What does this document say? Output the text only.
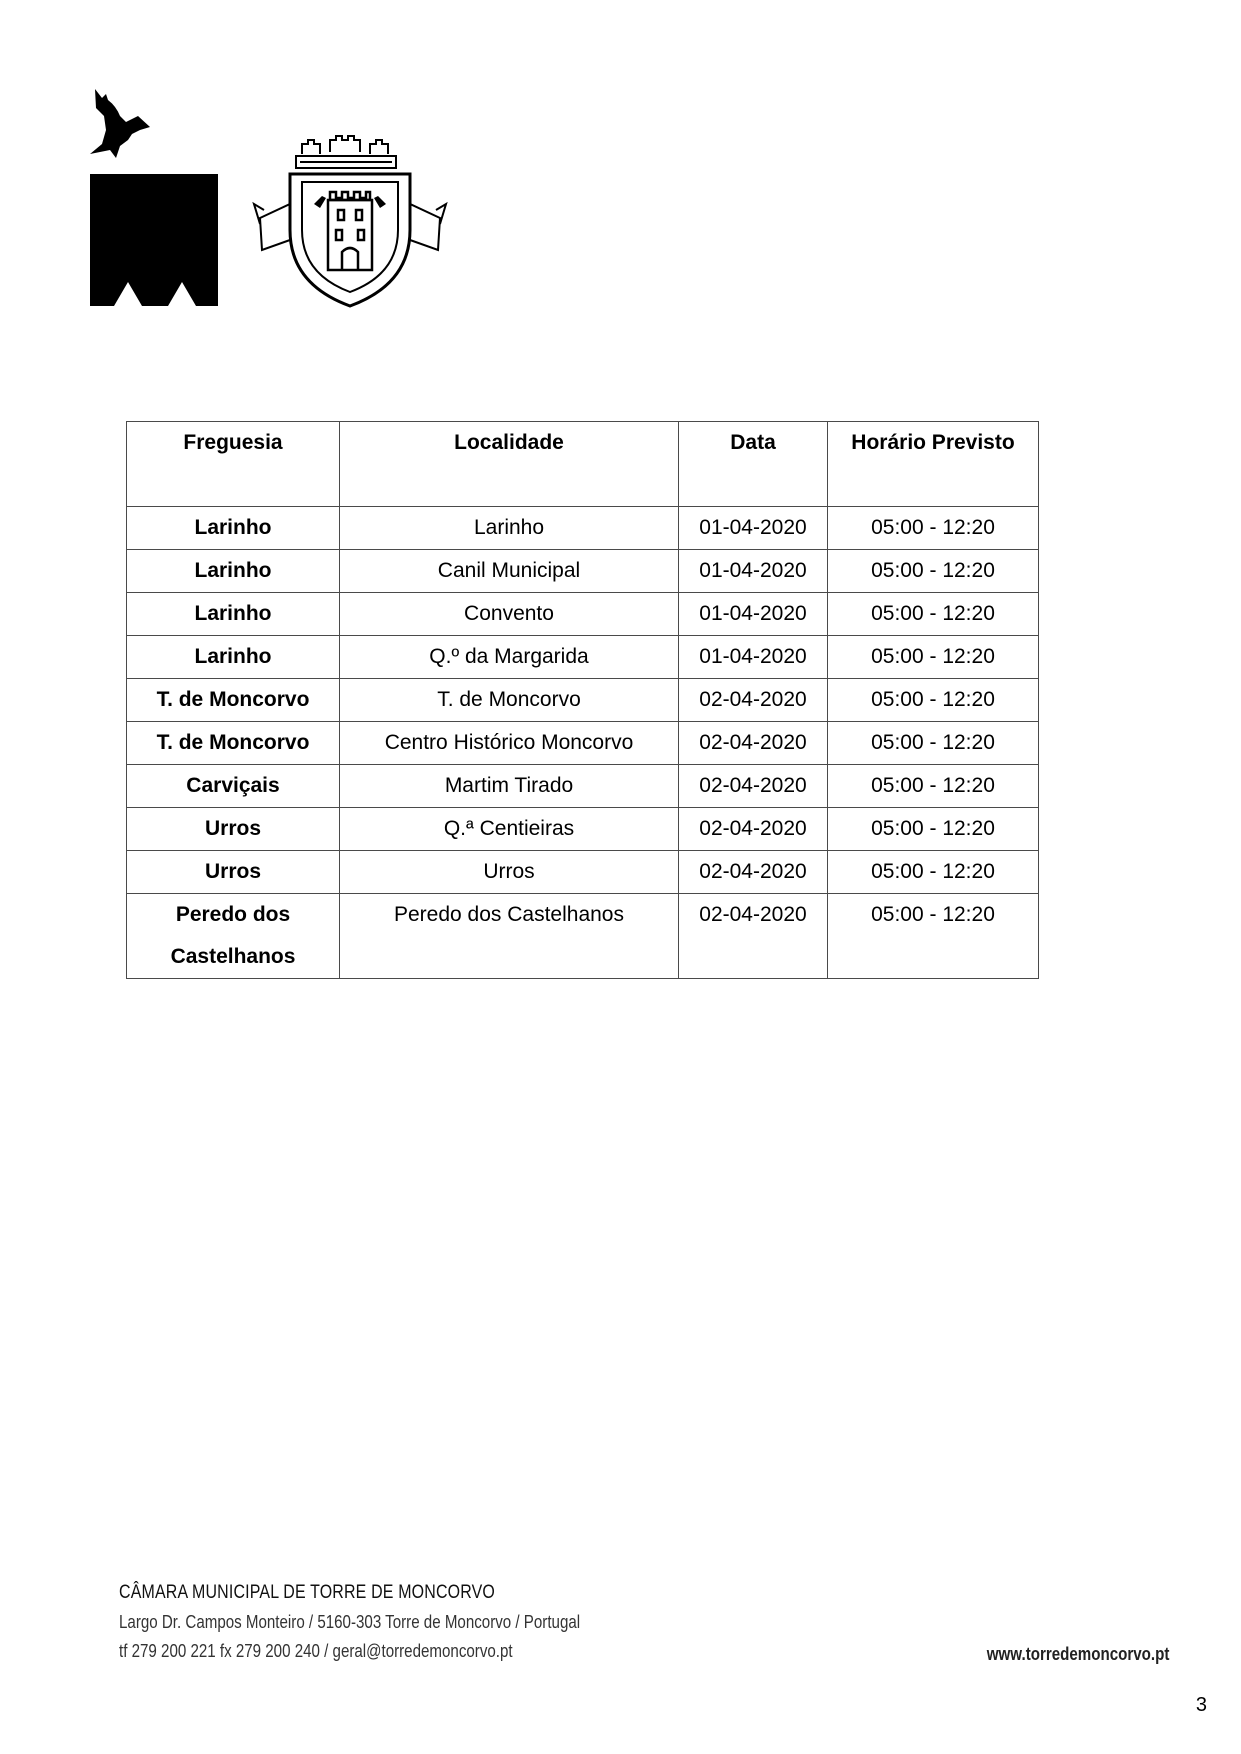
Freguesia	Localidade	Data	Horário Previsto
Larinho	Larinho	01-04-2020	05:00 - 12:20
Larinho	Canil Municipal	01-04-2020	05:00 - 12:20
Larinho	Convento	01-04-2020	05:00 - 12:20
Larinho	Q.º da Margarida	01-04-2020	05:00 - 12:20
T. de Moncorvo	T. de Moncorvo	02-04-2020	05:00 - 12:20
T. de Moncorvo	Centro Histórico Moncorvo	02-04-2020	05:00 - 12:20
Carviçais	Martim Tirado	02-04-2020	05:00 - 12:20
Urros	Q.ª Centieiras	02-04-2020	05:00 - 12:20
Urros	Urros	02-04-2020	05:00 - 12:20
Peredo dos Castelhanos	Peredo dos Castelhanos	02-04-2020	05:00 - 12:20
CÂMARA MUNICIPAL DE TORRE DE MONCORVO
Largo Dr. Campos Monteiro / 5160-303 Torre de Moncorvo / Portugal
tf 279 200 221 fx 279 200 240 / geral@torredemoncorvo.pt	www.torredemoncorvo.pt
3
